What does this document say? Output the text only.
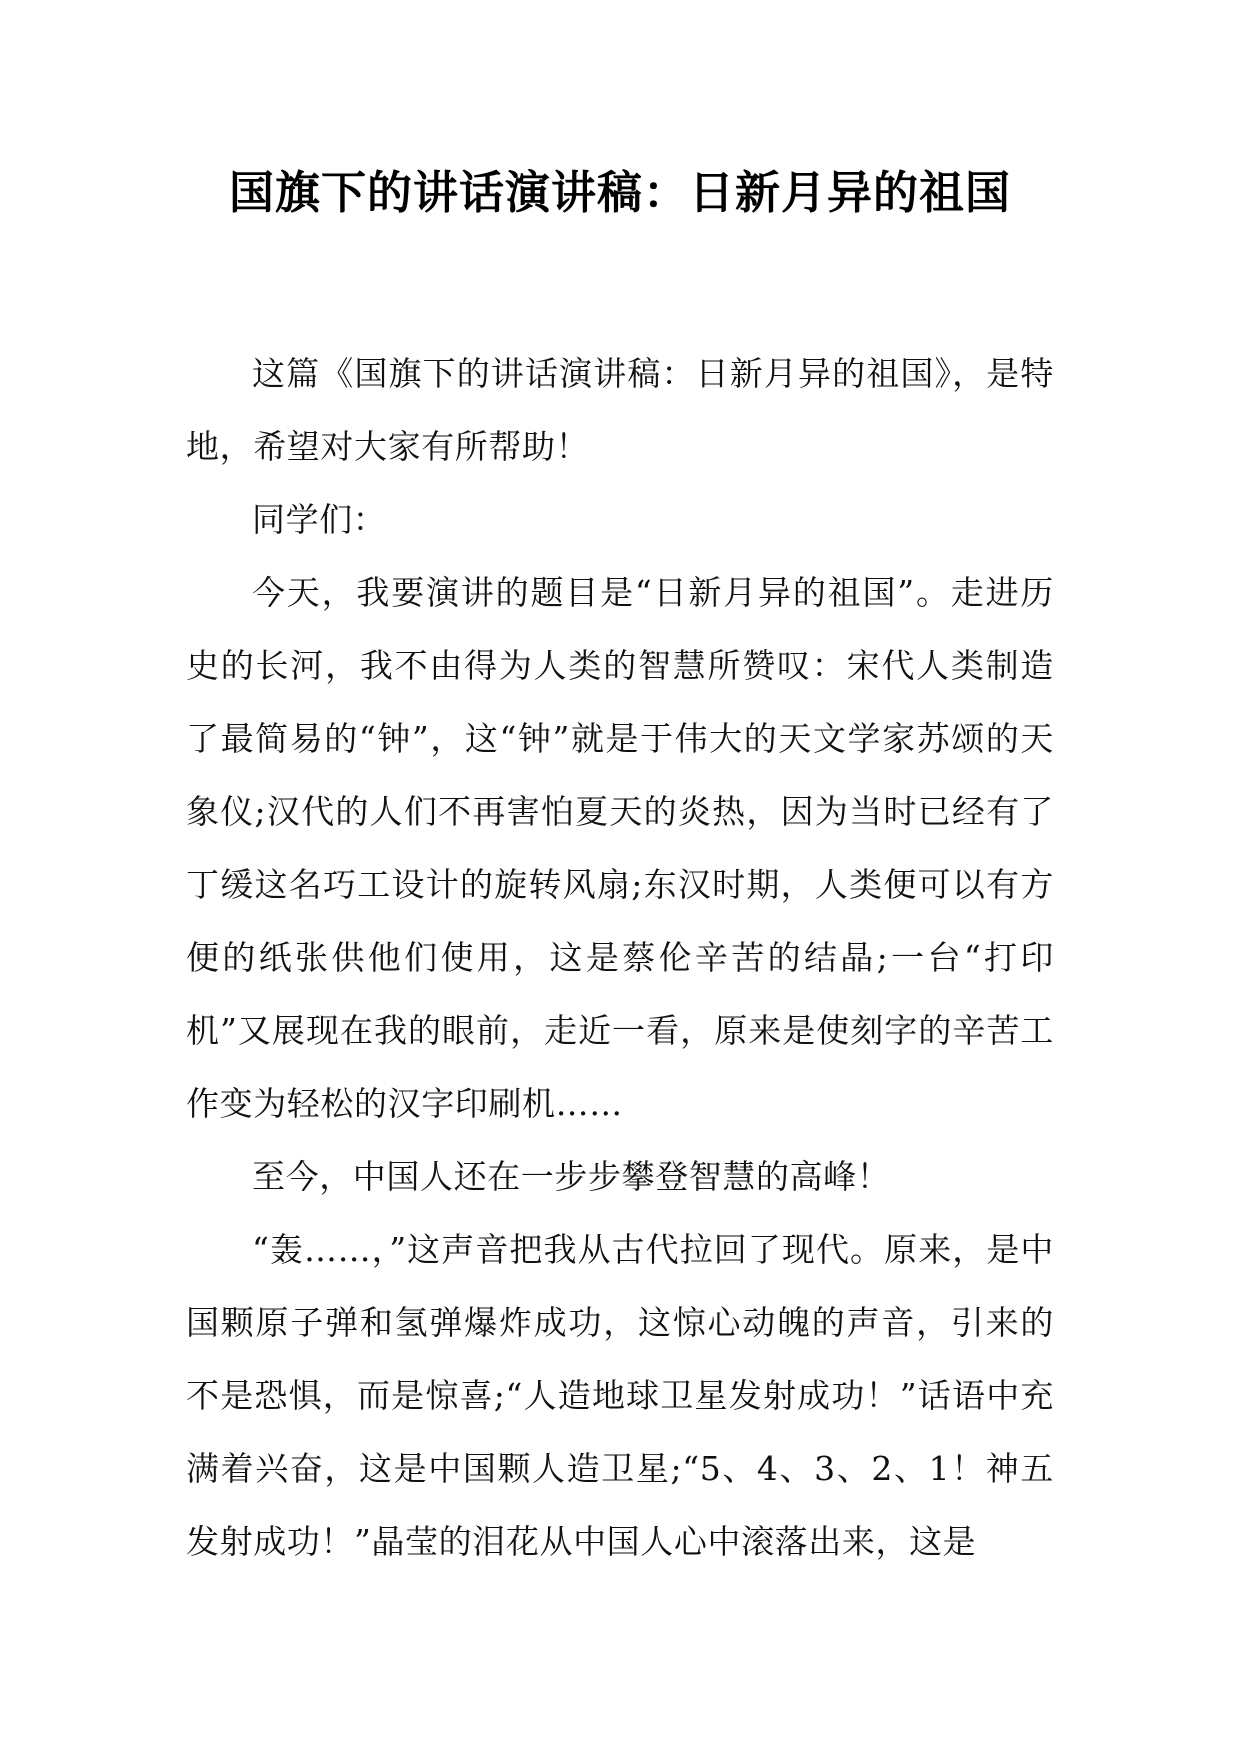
国旗下的讲话演讲稿：日新月异的祖国

这篇《国旗下的讲话演讲稿：日新月异的祖国》，是特地，希望对大家有所帮助！

同学们：

今天，我要演讲的题目是“日新月异的祖国”。走进历史的长河，我不由得为人类的智慧所赞叹：宋代人类制造了最简易的“钟”，这“钟”就是于伟大的天文学家苏颂的天象仪;汉代的人们不再害怕夏天的炎热，因为当时已经有了丁缓这名巧工设计的旋转风扇;东汉时期，人类便可以有方便的纸张供他们使用，这是蔡伦辛苦的结晶;一台“打印机”又展现在我的眼前，走近一看，原来是使刻字的辛苦工作变为轻松的汉字印刷机……

至今，中国人还在一步步攀登智慧的高峰！

“轰……，”这声音把我从古代拉回了现代。原来，是中国颗原子弹和氢弹爆炸成功，这惊心动魄的声音，引来的不是恐惧，而是惊喜;“人造地球卫星发射成功！”话语中充满着兴奋，这是中国颗人造卫星;“5、4、3、2、1！神五发射成功！”晶莹的泪花从中国人心中滚落出来，这是
